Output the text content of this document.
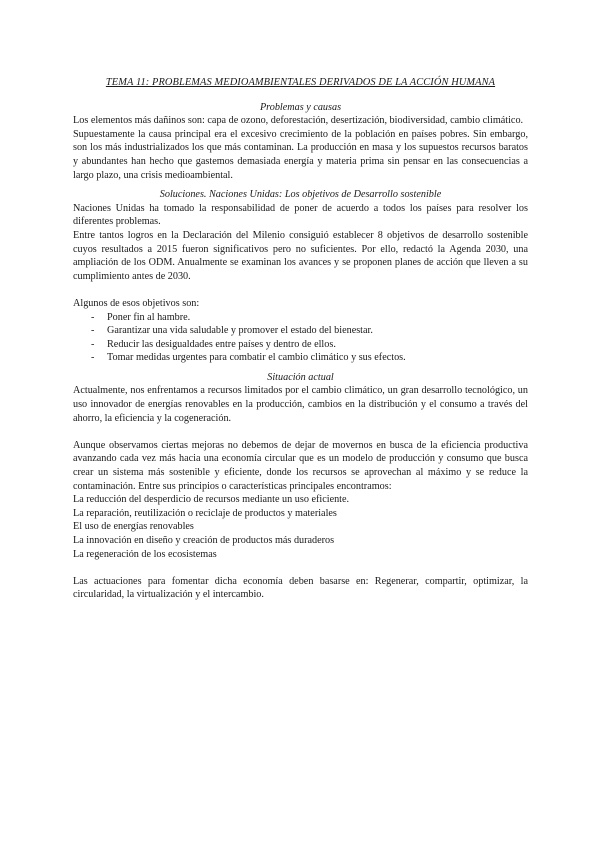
TEMA 11: PROBLEMAS MEDIOAMBIENTALES DERIVADOS DE LA ACCIÓN HUMANA
Problemas y causas

Los elementos más dañinos son: capa de ozono, deforestación, desertización, biodiversidad, cambio climático.

Supuestamente la causa principal era el excesivo crecimiento de la población en países pobres. Sin embargo, son los más industrializados los que más contaminan. La producción en masa y los supuestos recursos baratos y abundantes han hecho que gastemos demasiada energía y materia prima sin pensar en las consecuencias a largo plazo, una crisis medioambiental.

Soluciones. Naciones Unidas: Los objetivos de Desarrollo sostenible

Naciones Unidas ha tomado la responsabilidad de poner de acuerdo a todos los países para resolver los diferentes problemas.

Entre tantos logros en la Declaración del Milenio consiguió establecer 8 objetivos de desarrollo sostenible cuyos resultados a 2015 fueron significativos pero no suficientes. Por ello, redactó la Agenda 2030, una ampliación de los ODM. Anualmente se examinan los avances y se proponen planes de acción que lleven a su cumplimiento antes de 2030.

Algunos de esos objetivos son:

- Poner fin al hambre.
- Garantizar una vida saludable y promover el estado del bienestar.
- Reducir las desigualdades entre países y dentro de ellos.
- Tomar medidas urgentes para combatir el cambio climático y sus efectos.
Situación actual

Actualmente, nos enfrentamos a recursos limitados por el cambio climático, un gran desarrollo tecnológico, un uso innovador de energías renovables en la producción, cambios en la distribución y el consumo a través del ahorro, la eficiencia y la cogeneración.

Aunque observamos ciertas mejoras no debemos de dejar de movernos en busca de la eficiencia productiva avanzando cada vez más hacia una economía circular que es un modelo de producción y consumo que busca crear un sistema más sostenible y eficiente, donde los recursos se aprovechan al máximo y se reduce la contaminación. Entre sus principios o características principales encontramos:

La reducción del desperdicio de recursos mediante un uso eficiente.

La reparación, reutilización o reciclaje de productos y materiales

El uso de energías renovables

La innovación en diseño y creación de productos más duraderos

La regeneración de los ecosistemas

Las actuaciones para fomentar dicha economía deben basarse en: Regenerar, compartir, optimizar, la circularidad, la virtualización y el intercambio.
